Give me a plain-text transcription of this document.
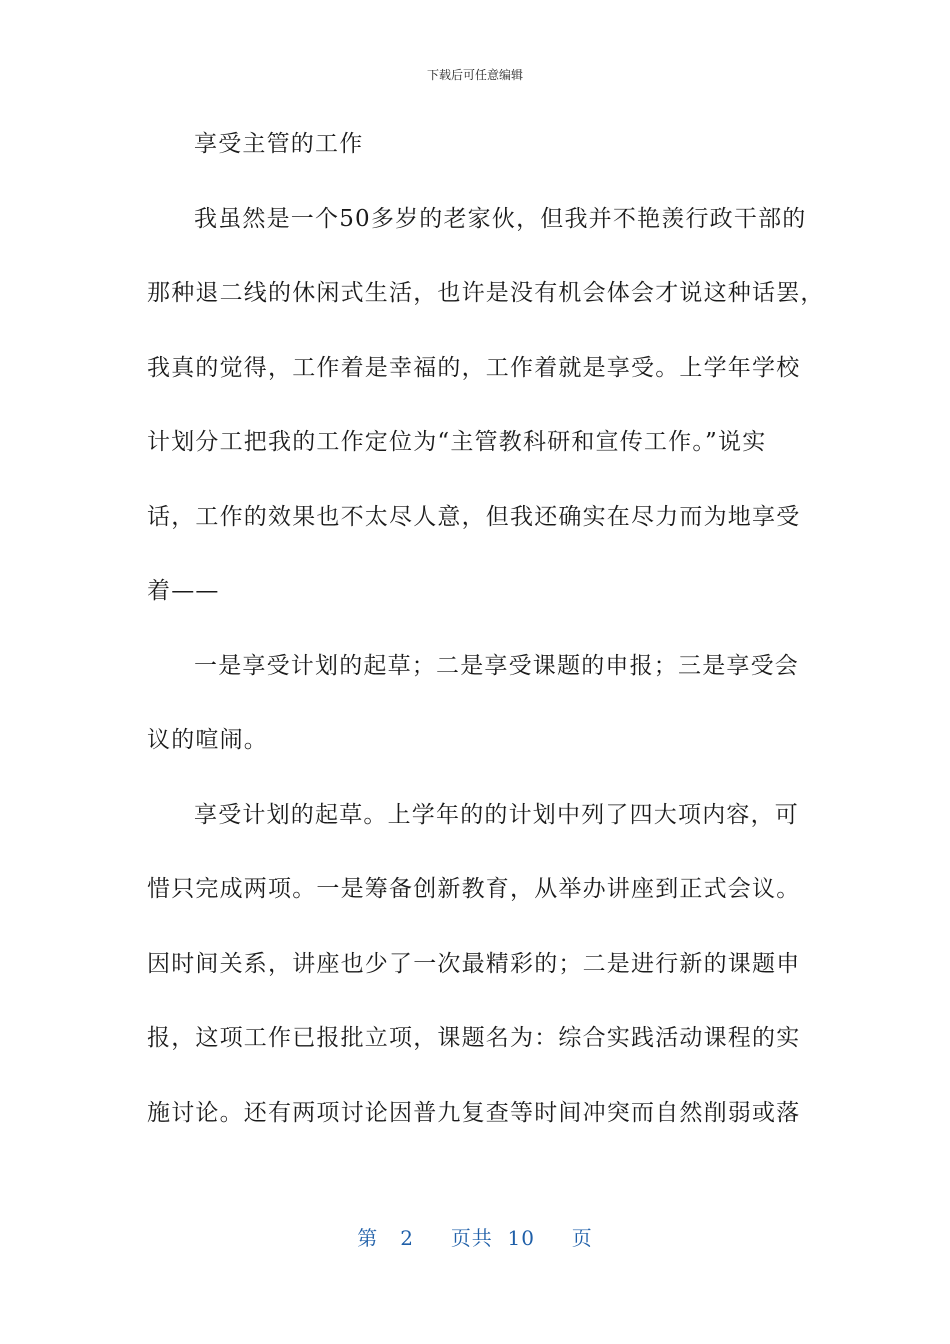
下载后可任意编辑
享受主管的工作
我虽然是一个50多岁的老家伙，但我并不艳羡行政干部的
那种退二线的休闲式生活，也许是没有机会体会才说这种话罢，
我真的觉得，工作着是幸福的，工作着就是享受。上学年学校
计划分工把我的工作定位为“主管教科研和宣传工作。”说实
话，工作的效果也不太尽人意，但我还确实在尽力而为地享受
着——
一是享受计划的起草；二是享受课题的申报；三是享受会
议的喧闹。
享受计划的起草。上学年的的计划中列了四大项内容，可
惜只完成两项。一是筹备创新教育，从举办讲座到正式会议。
因时间关系，讲座也少了一次最精彩的；二是进行新的课题申
报，这项工作已报批立项，课题名为：综合实践活动课程的实
施讨论。还有两项讨论因普九复查等时间冲突而自然削弱或落
第 2 页共 10 页
